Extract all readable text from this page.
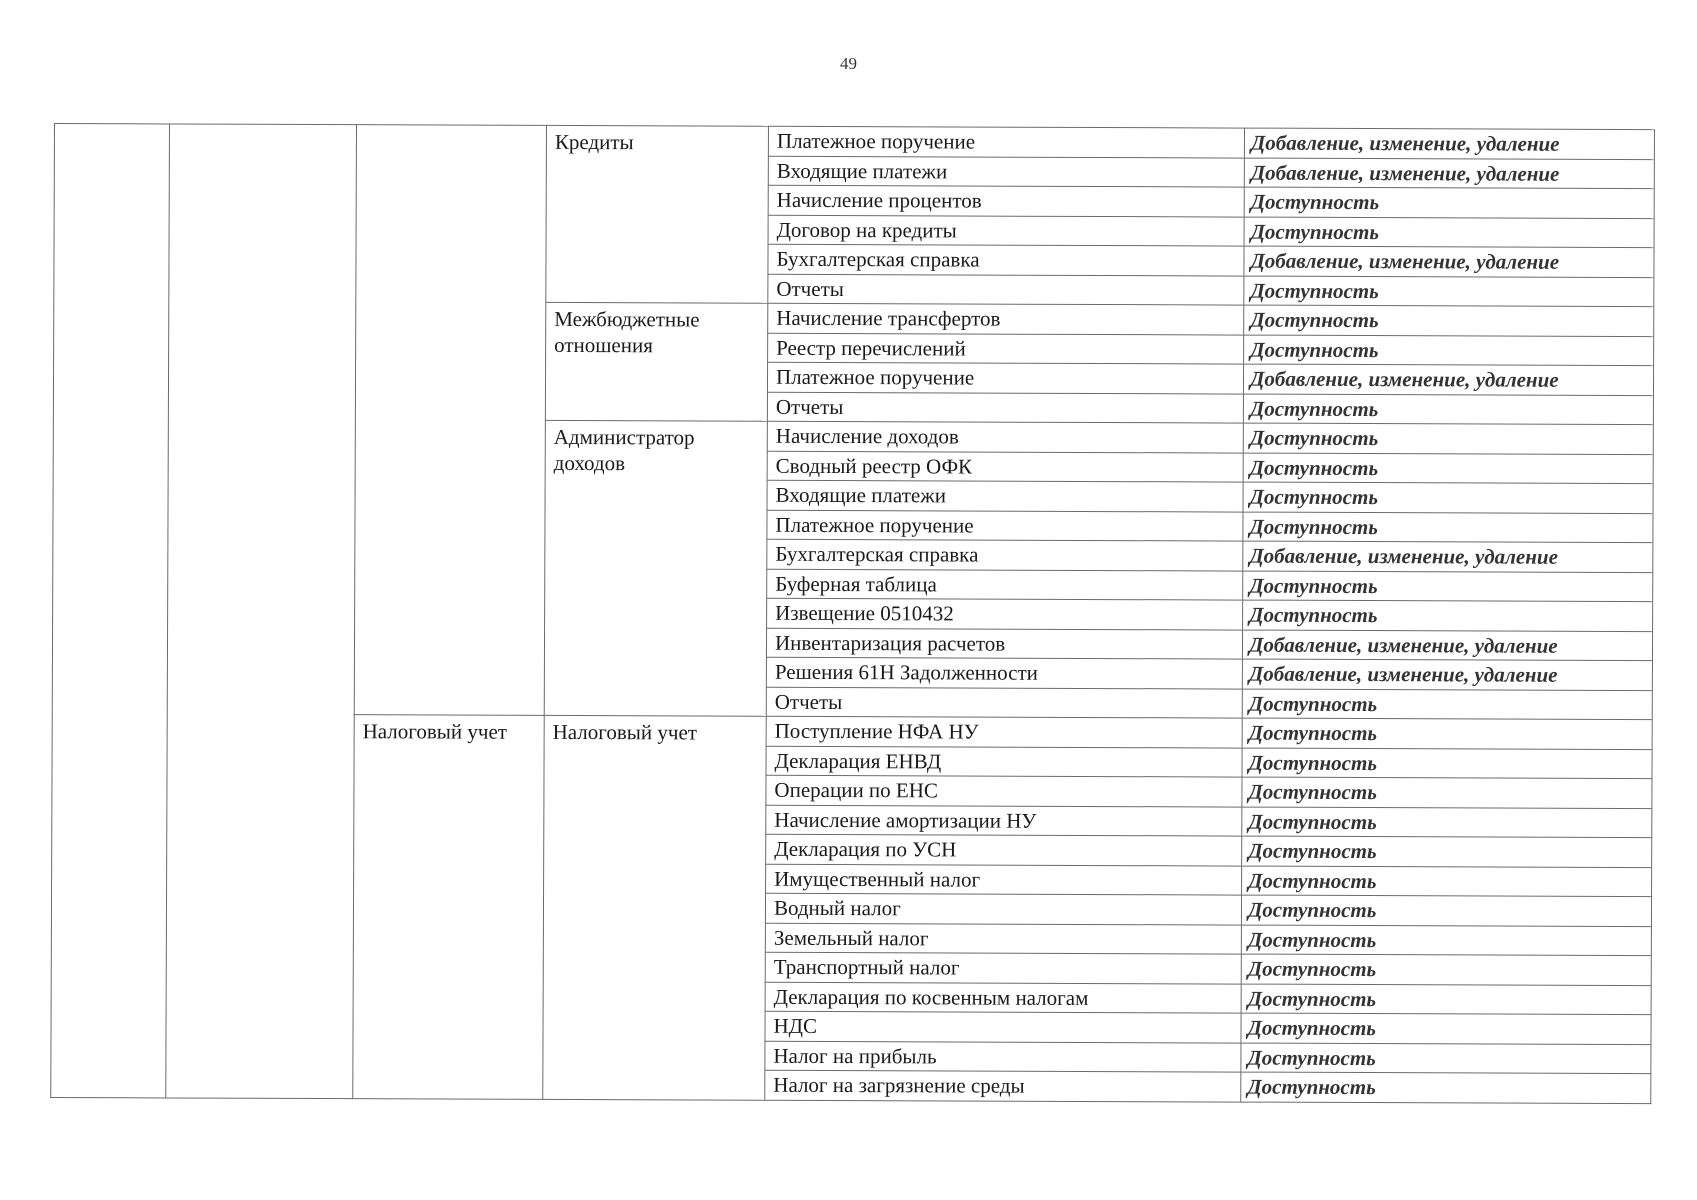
49
			Кредиты	Платежное поручение	Добавление, изменение, удаление
				Входящие платежи	Добавление, изменение, удаление
				Начисление процентов	Доступность
				Договор на кредиты	Доступность
				Бухгалтерская справка	Добавление, изменение, удаление
				Отчеты	Доступность
			Межбюджетные отношения	Начисление трансфертов	Доступность
				Реестр перечислений	Доступность
				Платежное поручение	Добавление, изменение, удаление
				Отчеты	Доступность
			Администратор доходов	Начисление доходов	Доступность
				Сводный реестр ОФК	Доступность
				Входящие платежи	Доступность
				Платежное поручение	Доступность
				Бухгалтерская справка	Добавление, изменение, удаление
				Буферная таблица	Доступность
				Извещение 0510432	Доступность
				Инвентаризация расчетов	Добавление, изменение, удаление
				Решения 61Н Задолженности	Добавление, изменение, удаление
				Отчеты	Доступность
		Налоговый учет	Налоговый учет	Поступление НФА НУ	Доступность
				Декларация ЕНВД	Доступность
				Операции по ЕНС	Доступность
				Начисление амортизации НУ	Доступность
				Декларация по УСН	Доступность
				Имущественный налог	Доступность
				Водный налог	Доступность
				Земельный налог	Доступность
				Транспортный налог	Доступность
				Декларация по косвенным налогам	Доступность
				НДС	Доступность
				Налог на прибыль	Доступность
				Налог на загрязнение среды	Доступность
